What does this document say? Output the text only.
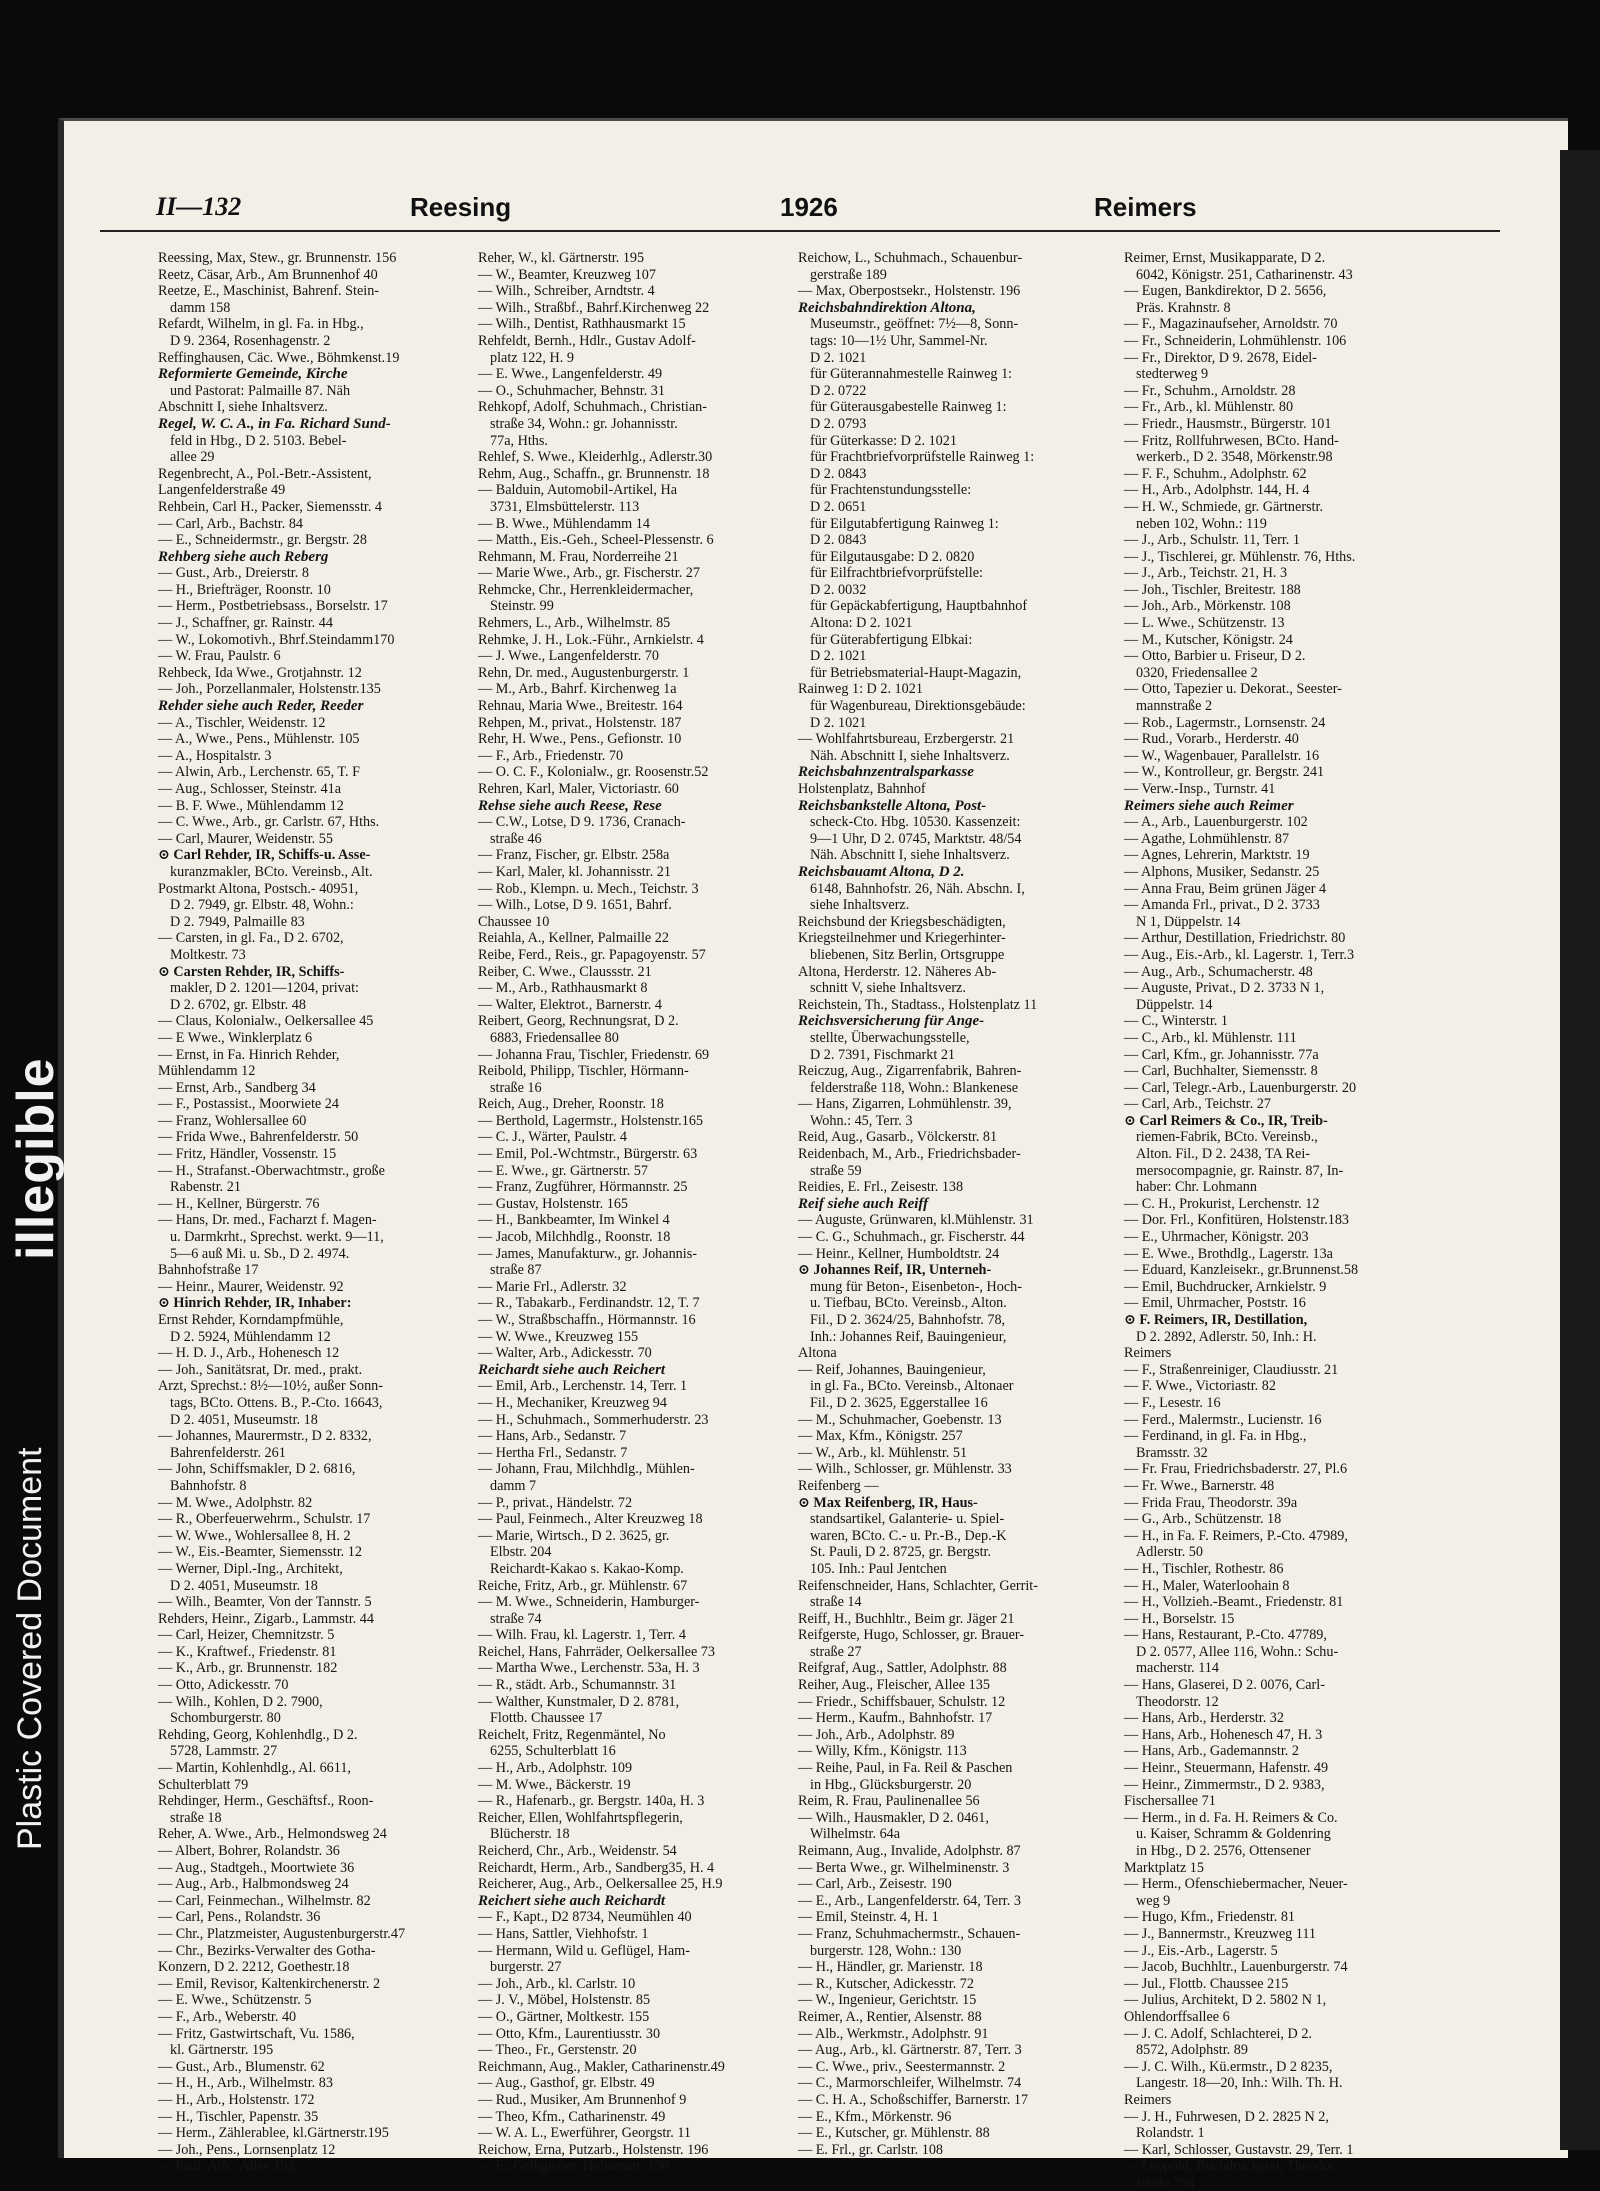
illegible
Plastic Covered Document
II—132	Reesing	1926	Reimers
Reessing, Max, Stew., gr. Brunnenstr. 156
Reetz, Cäsar, Arb., Am Brunnenhof 40
Reetze, E., Maschinist, Bahrenf. Stein-
damm 158
Refardt, Wilhelm, in gl. Fa. in Hbg.,
D 9. 2364, Rosenhagenstr. 2
Reffinghausen, Cäc. Wwe., Böhmkenst.19
Reformierte Gemeinde, Kirche
und Pastorat: Palmaille 87. Näh
Abschnitt I, siehe Inhaltsverz.
Regel, W. C. A., in Fa. Richard Sund-
feld in Hbg., D 2. 5103. Bebel-
allee 29
Regenbrecht, A., Pol.-Betr.-Assistent,
Langenfelderstraße 49
Rehbein, Carl H., Packer, Siemensstr. 4
— Carl, Arb., Bachstr. 84
— E., Schneidermstr., gr. Bergstr. 28
Rehberg siehe auch Reberg
— Gust., Arb., Dreierstr. 8
— H., Briefträger, Roonstr. 10
— Herm., Postbetriebsass., Borselstr. 17
— J., Schaffner, gr. Rainstr. 44
— W., Lokomotivh., Bhrf.Steindamm170
— W. Frau, Paulstr. 6
Rehbeck, Ida Wwe., Grotjahnstr. 12
— Joh., Porzellanmaler, Holstenstr.135
Rehder siehe auch Reder, Reeder
— A., Tischler, Weidenstr. 12
— A., Wwe., Pens., Mühlenstr. 105
— A., Hospitalstr. 3
— Alwin, Arb., Lerchenstr. 65, T. F
— Aug., Schlosser, Steinstr. 41a
— B. F. Wwe., Mühlendamm 12
— C. Wwe., Arb., gr. Carlstr. 67, Hths.
— Carl, Maurer, Weidenstr. 55
⊙ Carl Rehder, IR, Schiffs-u. Asse-
kuranzmakler, BCto. Vereinsb., Alt.
Postmarkt Altona, Postsch.- 40951,
D 2. 7949, gr. Elbstr. 48, Wohn.:
D 2. 7949, Palmaille 83
— Carsten, in gl. Fa., D 2. 6702,
Moltkestr. 73
⊙ Carsten Rehder, IR, Schiffs-
makler, D 2. 1201—1204, privat:
D 2. 6702, gr. Elbstr. 48
— Claus, Kolonialw., Oelkersallee 45
— E Wwe., Winklerplatz 6
— Ernst, in Fa. Hinrich Rehder,
Mühlendamm 12
— Ernst, Arb., Sandberg 34
— F., Postassist., Moorwiete 24
— Franz, Wohlersallee 60
— Frida Wwe., Bahrenfelderstr. 50
— Fritz, Händler, Vossenstr. 15
— H., Strafanst.-Oberwachtmstr., große
Rabenstr. 21
— H., Kellner, Bürgerstr. 76
— Hans, Dr. med., Facharzt f. Magen-
u. Darmkrht., Sprechst. werkt. 9—11,
5—6 auß Mi. u. Sb., D 2. 4974.
Bahnhofstraße 17
— Heinr., Maurer, Weidenstr. 92
⊙ Hinrich Rehder, IR, Inhaber:
Ernst Rehder, Korndampfmühle,
D 2. 5924, Mühlendamm 12
— H. D. J., Arb., Hohenesch 12
— Joh., Sanitätsrat, Dr. med., prakt.
Arzt, Sprechst.: 8½—10½, außer Sonn-
tags, BCto. Ottens. B., P.-Cto. 16643,
D 2. 4051, Museumstr. 18
— Johannes, Maurermstr., D 2. 8332,
Bahrenfelderstr. 261
— John, Schiffsmakler, D 2. 6816,
Bahnhofstr. 8
— M. Wwe., Adolphstr. 82
— R., Oberfeuerwehrm., Schulstr. 17
— W. Wwe., Wohlersallee 8, H. 2
— W., Eis.-Beamter, Siemensstr. 12
— Werner, Dipl.-Ing., Architekt,
D 2. 4051, Museumstr. 18
— Wilh., Beamter, Von der Tannstr. 5
Rehders, Heinr., Zigarb., Lammstr. 44
— Carl, Heizer, Chemnitzstr. 5
— K., Kraftwef., Friedenstr. 81
— K., Arb., gr. Brunnenstr. 182
— Otto, Adickesstr. 70
— Wilh., Kohlen, D 2. 7900,
Schomburgerstr. 80
Rehding, Georg, Kohlenhdlg., D 2.
5728, Lammstr. 27
— Martin, Kohlenhdlg., Al. 6611,
Schulterblatt 79
Rehdinger, Herm., Geschäftsf., Roon-
straße 18
Reher, A. Wwe., Arb., Helmondsweg 24
— Albert, Bohrer, Rolandstr. 36
— Aug., Stadtgeh., Moortwiete 36
— Aug., Arb., Halbmondsweg 24
— Carl, Feinmechan., Wilhelmstr. 82
— Carl, Pens., Rolandstr. 36
— Chr., Platzmeister, Augustenburgerstr.47
— Chr., Bezirks-Verwalter des Gotha-
Konzern, D 2. 2212, Goethestr.18
— Emil, Revisor, Kaltenkirchenerstr. 2
— E. Wwe., Schützenstr. 5
— F., Arb., Weberstr. 40
— Fritz, Gastwirtschaft, Vu. 1586,
kl. Gärtnerstr. 195
— Gust., Arb., Blumenstr. 62
— H., H., Arb., Wilhelmstr. 83
— H., Arb., Holstenstr. 172
— H., Tischler, Papenstr. 35
— Herm., Zählerablee, kl.Gärtnerstr.195
— Joh., Pens., Lornsenplatz 12
— Paul, Arb., Allee 192
Reher, W., kl. Gärtnerstr. 195
— W., Beamter, Kreuzweg 107
— Wilh., Schreiber, Arndtstr. 4
— Wilh., Straßbf., Bahrf.Kirchenweg 22
— Wilh., Dentist, Rathhausmarkt 15
Rehfeldt, Bernh., Hdlr., Gustav Adolf-
platz 122, H. 9
— E. Wwe., Langenfelderstr. 49
— O., Schuhmacher, Behnstr. 31
Rehkopf, Adolf, Schuhmach., Christian-
straße 34, Wohn.: gr. Johannisstr.
77a, Hths.
Rehlef, S. Wwe., Kleiderhlg., Adlerstr.30
Rehm, Aug., Schaffn., gr. Brunnenstr. 18
— Balduin, Automobil-Artikel, Ha
3731, Elmsbüttelerstr. 113
— B. Wwe., Mühlendamm 14
— Matth., Eis.-Geh., Scheel-Plessenstr. 6
Rehmann, M. Frau, Norderreihe 21
— Marie Wwe., Arb., gr. Fischerstr. 27
Rehmcke, Chr., Herrenkleidermacher,
Steinstr. 99
Rehmers, L., Arb., Wilhelmstr. 85
Rehmke, J. H., Lok.-Führ., Arnkielstr. 4
— J. Wwe., Langenfelderstr. 70
Rehn, Dr. med., Augustenburgerstr. 1
— M., Arb., Bahrf. Kirchenweg 1a
Rehnau, Maria Wwe., Breitestr. 164
Rehpen, M., privat., Holstenstr. 187
Rehr, H. Wwe., Pens., Gefionstr. 10
— F., Arb., Friedenstr. 70
— O. C. F., Kolonialw., gr. Roosenstr.52
Rehren, Karl, Maler, Victoriastr. 60
Rehse siehe auch Reese, Rese
— C.W., Lotse, D 9. 1736, Cranach-
straße 46
— Franz, Fischer, gr. Elbstr. 258a
— Karl, Maler, kl. Johannisstr. 21
— Rob., Klempn. u. Mech., Teichstr. 3
— Wilh., Lotse, D 9. 1651, Bahrf.
Chaussee 10
Reiahla, A., Kellner, Palmaille 22
Reibe, Ferd., Reis., gr. Papagoyenstr. 57
Reiber, C. Wwe., Claussstr. 21
— M., Arb., Rathhausmarkt 8
— Walter, Elektrot., Barnerstr. 4
Reibert, Georg, Rechnungsrat, D 2.
6883, Friedensallee 80
— Johanna Frau, Tischler, Friedenstr. 69
Reibold, Philipp, Tischler, Hörmann-
straße 16
Reich, Aug., Dreher, Roonstr. 18
— Berthold, Lagermstr., Holstenstr.165
— C. J., Wärter, Paulstr. 4
— Emil, Pol.-Wchtmstr., Bürgerstr. 63
— E. Wwe., gr. Gärtnerstr. 57
— Franz, Zugführer, Hörmannstr. 25
— Gustav, Holstenstr. 165
— H., Bankbeamter, Im Winkel 4
— Jacob, Milchhdlg., Roonstr. 18
— James, Manufakturw., gr. Johannis-
straße 87
— Marie Frl., Adlerstr. 32
— R., Tabakarb., Ferdinandstr. 12, T. 7
— W., Straßbschaffn., Hörmannstr. 16
— W. Wwe., Kreuzweg 155
— Walter, Arb., Adickesstr. 70
Reichardt siehe auch Reichert
— Emil, Arb., Lerchenstr. 14, Terr. 1
— H., Mechaniker, Kreuzweg 94
— H., Schuhmach., Sommerhuderstr. 23
— Hans, Arb., Sedanstr. 7
— Hertha Frl., Sedanstr. 7
— Johann, Frau, Milchhdlg., Mühlen-
damm 7
— P., privat., Händelstr. 72
— Paul, Feinmech., Alter Kreuzweg 18
— Marie, Wirtsch., D 2. 3625, gr.
Elbstr. 204
Reichardt-Kakao s. Kakao-Komp.
Reiche, Fritz, Arb., gr. Mühlenstr. 67
— M. Wwe., Schneiderin, Hamburger-
straße 74
— Wilh. Frau, kl. Lagerstr. 1, Terr. 4
Reichel, Hans, Fahrräder, Oelkersallee 73
— Martha Wwe., Lerchenstr. 53a, H. 3
— R., städt. Arb., Schumannstr. 31
— Walther, Kunstmaler, D 2. 8781,
Flottb. Chaussee 17
Reichelt, Fritz, Regenmäntel, No
6255, Schulterblatt 16
— H., Arb., Adolphstr. 109
— M. Wwe., Bäckerstr. 19
— R., Hafenarb., gr. Bergstr. 140a, H. 3
Reicher, Ellen, Wohlfahrtspflegerin,
Blücherstr. 18
Reicherd, Chr., Arb., Weidenstr. 54
Reichardt, Herm., Arb., Sandberg35, H. 4
Reicherer, Aug., Arb., Oelkersallee 25, H.9
Reichert siehe auch Reichardt
— F., Kapt., D2 8734, Neumühlen 40
— Hans, Sattler, Viehhofstr. 1
— Hermann, Wild u. Geflügel, Ham-
burgerstr. 27
— Joh., Arb., kl. Carlstr. 10
— J. V., Möbel, Holstenstr. 85
— O., Gärtner, Moltkestr. 155
— Otto, Kfm., Laurentiusstr. 30
— Theo., Fr., Gerstenstr. 20
Reichmann, Aug., Makler, Catharinenstr.49
— Aug., Gasthof, gr. Elbstr. 49
— Rud., Musiker, Am Brunnenhof 9
— Theo, Kfm., Catharinenstr. 49
— W. A. L., Ewerführer, Georgstr. 11
Reichow, Erna, Putzarb., Holstenstr. 196
— F., Gelbgießer, Holstenstr. 196
Reichow, L., Schuhmach., Schauenbur-
gerstraße 189
— Max, Oberpostsekr., Holstenstr. 196
Reichsbahndirektion Altona,
Museumstr., geöffnet: 7½—8, Sonn-
tags: 10—1½ Uhr, Sammel-Nr.
D 2. 1021
für Güterannahmestelle Rainweg 1:
D 2. 0722
für Güterausgabestelle Rainweg 1:
D 2. 0793
für Güterkasse: D 2. 1021
für Frachtbriefvorprüfstelle Rainweg 1:
D 2. 0843
für Frachtenstundungsstelle:
D 2. 0651
für Eilgutabfertigung Rainweg 1:
D 2. 0843
für Eilgutausgabe: D 2. 0820
für Eilfrachtbriefvorprüfstelle:
D 2. 0032
für Gepäckabfertigung, Hauptbahnhof
Altona: D 2. 1021
für Güterabfertigung Elbkai:
D 2. 1021
für Betriebsmaterial-Haupt-Magazin,
Rainweg 1: D 2. 1021
für Wagenbureau, Direktionsgebäude:
D 2. 1021
— Wohlfahrtsbureau, Erzbergerstr. 21
Näh. Abschnitt I, siehe Inhaltsverz.
Reichsbahnzentralsparkasse
Holstenplatz, Bahnhof
Reichsbankstelle Altona, Post-
scheck-Cto. Hbg. 10530. Kassenzeit:
9—1 Uhr, D 2. 0745, Marktstr. 48/54
Näh. Abschnitt I, siehe Inhaltsverz.
Reichsbauamt Altona, D 2.
6148, Bahnhofstr. 26, Näh. Abschn. I,
siehe Inhaltsverz.
Reichsbund der Kriegsbeschädigten,
Kriegsteilnehmer und Kriegerhinter-
bliebenen, Sitz Berlin, Ortsgruppe
Altona, Herderstr. 12. Näheres Ab-
schnitt V, siehe Inhaltsverz.
Reichstein, Th., Stadtass., Holstenplatz 11
Reichsversicherung für Ange-
stellte, Überwachungsstelle,
D 2. 7391, Fischmarkt 21
Reiczug, Aug., Zigarrenfabrik, Bahren-
felderstraße 118, Wohn.: Blankenese
— Hans, Zigarren, Lohmühlenstr. 39,
Wohn.: 45, Terr. 3
Reid, Aug., Gasarb., Völckerstr. 81
Reidenbach, M., Arb., Friedrichsbader-
straße 59
Reidies, E. Frl., Zeisestr. 138
Reif siehe auch Reiff
— Auguste, Grünwaren, kl.Mühlenstr. 31
— C. G., Schuhmach., gr. Fischerstr. 44
— Heinr., Kellner, Humboldtstr. 24
⊙ Johannes Reif, IR, Unterneh-
mung für Beton-, Eisenbeton-, Hoch-
u. Tiefbau, BCto. Vereinsb., Alton.
Fil., D 2. 3624/25, Bahnhofstr. 78,
Inh.: Johannes Reif, Bauingenieur,
Altona
— Reif, Johannes, Bauingenieur,
in gl. Fa., BCto. Vereinsb., Altonaer
Fil., D 2. 3625, Eggerstallee 16
— M., Schuhmacher, Goebenstr. 13
— Max, Kfm., Königstr. 257
— W., Arb., kl. Mühlenstr. 51
— Wilh., Schlosser, gr. Mühlenstr. 33
Reifenberg —
⊙ Max Reifenberg, IR, Haus-
standsartikel, Galanterie- u. Spiel-
waren, BCto. C.- u. Pr.-B., Dep.-K
St. Pauli, D 2. 8725, gr. Bergstr.
105. Inh.: Paul Jentchen
Reifenschneider, Hans, Schlachter, Gerrit-
straße 14
Reiff, H., Buchhltr., Beim gr. Jäger 21
Reifgerste, Hugo, Schlosser, gr. Brauer-
straße 27
Reifgraf, Aug., Sattler, Adolphstr. 88
Reiher, Aug., Fleischer, Allee 135
— Friedr., Schiffsbauer, Schulstr. 12
— Herm., Kaufm., Bahnhofstr. 17
— Joh., Arb., Adolphstr. 89
— Willy, Kfm., Königstr. 113
— Reihe, Paul, in Fa. Reil & Paschen
in Hbg., Glücksburgerstr. 20
Reim, R. Frau, Paulinenallee 56
— Wilh., Hausmakler, D 2. 0461,
Wilhelmstr. 64a
Reimann, Aug., Invalide, Adolphstr. 87
— Berta Wwe., gr. Wilhelminenstr. 3
— Carl, Arb., Zeisestr. 190
— E., Arb., Langenfelderstr. 64, Terr. 3
— Emil, Steinstr. 4, H. 1
— Franz, Schuhmachermstr., Schauen-
burgerstr. 128, Wohn.: 130
— H., Händler, gr. Marienstr. 18
— R., Kutscher, Adickesstr. 72
— W., Ingenieur, Gerichtstr. 15
Reimer, A., Rentier, Alsenstr. 88
— Alb., Werkmstr., Adolphstr. 91
— Aug., Arb., kl. Gärtnerstr. 87, Terr. 3
— C. Wwe., priv., Seestermannstr. 2
— C., Marmorschleifer, Wilhelmstr. 74
— C. H. A., Schoßschiffer, Barnerstr. 17
— E., Kfm., Mörkenstr. 96
— E., Kutscher, gr. Mühlenstr. 88
— E. Frl., gr. Carlstr. 108
Reimer, Ernst, Musikapparate, D 2.
6042, Königstr. 251, Catharinenstr. 43
— Eugen, Bankdirektor, D 2. 5656,
Präs. Krahnstr. 8
— F., Magazinaufseher, Arnoldstr. 70
— Fr., Schneiderin, Lohmühlenstr. 106
— Fr., Direktor, D 9. 2678, Eidel-
stedterweg 9
— Fr., Schuhm., Arnoldstr. 28
— Fr., Arb., kl. Mühlenstr. 80
— Friedr., Hausmstr., Bürgerstr. 101
— Fritz, Rollfuhrwesen, BCto. Hand-
werkerb., D 2. 3548, Mörkenstr.98
— F. F., Schuhm., Adolphstr. 62
— H., Arb., Adolphstr. 144, H. 4
— H. W., Schmiede, gr. Gärtnerstr.
neben 102, Wohn.: 119
— J., Arb., Schulstr. 11, Terr. 1
— J., Tischlerei, gr. Mühlenstr. 76, Hths.
— J., Arb., Teichstr. 21, H. 3
— Joh., Tischler, Breitestr. 188
— Joh., Arb., Mörkenstr. 108
— L. Wwe., Schützenstr. 13
— M., Kutscher, Königstr. 24
— Otto, Barbier u. Friseur, D 2.
0320, Friedensallee 2
— Otto, Tapezier u. Dekorat., Seester-
mannstraße 2
— Rob., Lagermstr., Lornsenstr. 24
— Rud., Vorarb., Herderstr. 40
— W., Wagenbauer, Parallelstr. 16
— W., Kontrolleur, gr. Bergstr. 241
— Verw.-Insp., Turnstr. 41
Reimers siehe auch Reimer
— A., Arb., Lauenburgerstr. 102
— Agathe, Lohmühlenstr. 87
— Agnes, Lehrerin, Marktstr. 19
— Alphons, Musiker, Sedanstr. 25
— Anna Frau, Beim grünen Jäger 4
— Amanda Frl., privat., D 2. 3733
N 1, Düppelstr. 14
— Arthur, Destillation, Friedrichstr. 80
— Aug., Eis.-Arb., kl. Lagerstr. 1, Terr.3
— Aug., Arb., Schumacherstr. 48
— Auguste, Privat., D 2. 3733 N 1,
Düppelstr. 14
— C., Winterstr. 1
— C., Arb., kl. Mühlenstr. 111
— Carl, Kfm., gr. Johannisstr. 77a
— Carl, Buchhalter, Siemensstr. 8
— Carl, Telegr.-Arb., Lauenburgerstr. 20
— Carl, Arb., Teichstr. 27
⊙ Carl Reimers & Co., IR, Treib-
riemen-Fabrik, BCto. Vereinsb.,
Alton. Fil., D 2. 2438, TA Rei-
mersocompagnie, gr. Rainstr. 87, In-
haber: Chr. Lohmann
— C. H., Prokurist, Lerchenstr. 12
— Dor. Frl., Konfitüren, Holstenstr.183
— E., Uhrmacher, Königstr. 203
— E. Wwe., Brothdlg., Lagerstr. 13a
— Eduard, Kanzleisekr., gr.Brunnenst.58
— Emil, Buchdrucker, Arnkielstr. 9
— Emil, Uhrmacher, Poststr. 16
⊙ F. Reimers, IR, Destillation,
D 2. 2892, Adlerstr. 50, Inh.: H.
Reimers
— F., Straßenreiniger, Claudiusstr. 21
— F. Wwe., Victoriastr. 82
— F., Lesestr. 16
— Ferd., Malermstr., Lucienstr. 16
— Ferdinand, in gl. Fa. in Hbg.,
Bramsstr. 32
— Fr. Frau, Friedrichsbaderstr. 27, Pl.6
— Fr. Wwe., Barnerstr. 48
— Frida Frau, Theodorstr. 39a
— G., Arb., Schützenstr. 18
— H., in Fa. F. Reimers, P.-Cto. 47989,
Adlerstr. 50
— H., Tischler, Rothestr. 86
— H., Maler, Waterloohain 8
— H., Vollzieh.-Beamt., Friedenstr. 81
— H., Borselstr. 15
— Hans, Restaurant, P.-Cto. 47789,
D 2. 0577, Allee 116, Wohn.: Schu-
macherstr. 114
— Hans, Glaserei, D 2. 0076, Carl-
Theodorstr. 12
— Hans, Arb., Herderstr. 32
— Hans, Arb., Hohenesch 47, H. 3
— Hans, Arb., Gademannstr. 2
— Heinr., Steuermann, Hafenstr. 49
— Heinr., Zimmermstr., D 2. 9383,
Fischersallee 71
— Herm., in d. Fa. H. Reimers & Co.
u. Kaiser, Schramm & Goldenring
in Hbg., D 2. 2576, Ottensener
Marktplatz 15
— Herm., Ofenschiebermacher, Neuer-
weg 9
— Hugo, Kfm., Friedenstr. 81
— J., Bannermstr., Kreuzweg 111
— J., Eis.-Arb., Lagerstr. 5
— Jacob, Buchhltr., Lauenburgerstr. 74
— Jul., Flottb. Chaussee 215
— Julius, Architekt, D 2. 5802 N 1,
Ohlendorffsallee 6
— J. C. Adolf, Schlachterei, D 2.
8572, Adolphstr. 89
— J. C. Wilh., Kü.ermstr., D 2 8235,
Langestr. 18—20, Inh.: Wilh. Th. H.
Reimers
— J. H., Fuhrwesen, D 2. 2825 N 2,
Rolandstr. 1
— Karl, Schlosser, Gustavstr. 29, Terr. 1
— Leopold, Buchdruckerei, Theodor-
straße 39a
